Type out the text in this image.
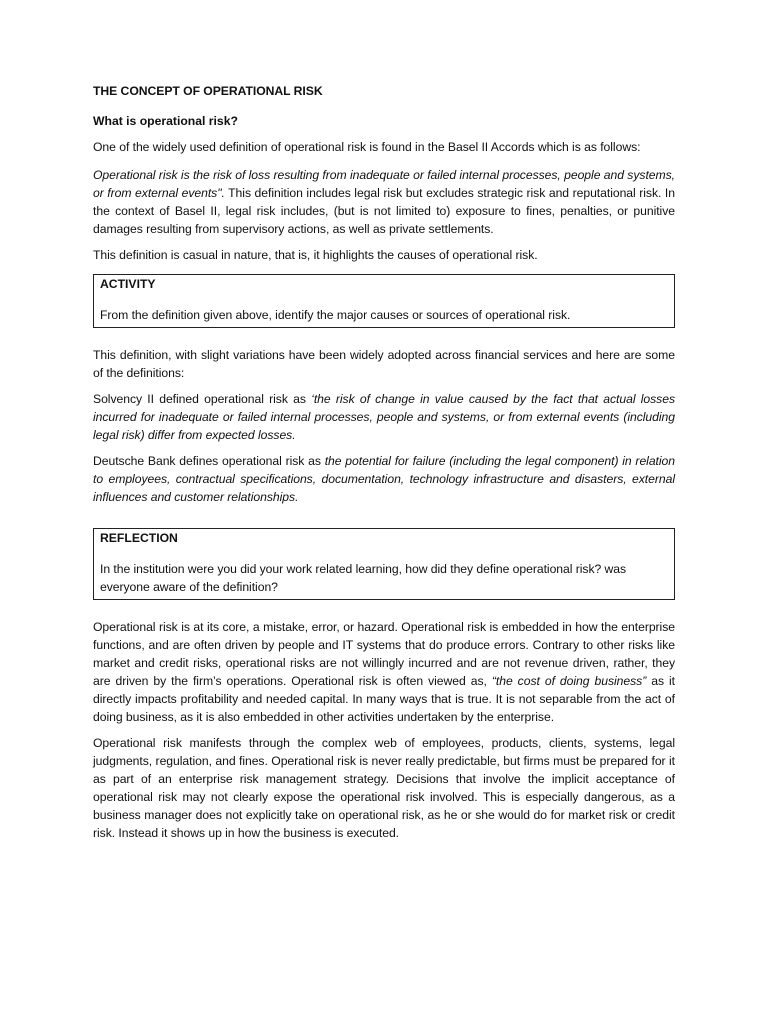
THE CONCEPT OF OPERATIONAL RISK
What is operational risk?

One of the widely used definition of operational risk is found in the Basel II Accords which is as follows:

Operational risk is the risk of loss resulting from inadequate or failed internal processes, people and systems, or from external events". This definition includes legal risk but excludes strategic risk and reputational risk. In the context of Basel II, legal risk includes, (but is not limited to) exposure to fines, penalties, or punitive damages resulting from supervisory actions, as well as private settlements.

This definition is casual in nature, that is, it highlights the causes of operational risk.

ACTIVITY

From the definition given above, identify the major causes or sources of operational risk.

This definition, with slight variations have been widely adopted across financial services and here are some of the definitions:

Solvency II defined operational risk as ‘the risk of change in value caused by the fact that actual losses incurred for inadequate or failed internal processes, people and systems, or from external events (including legal risk) differ from expected losses.

Deutsche Bank defines operational risk as the potential for failure (including the legal component) in relation to employees, contractual specifications, documentation, technology infrastructure and disasters, external influences and customer relationships.

REFLECTION

In the institution were you did your work related learning, how did they define operational risk? was everyone aware of the definition?

Operational risk is at its core, a mistake, error, or hazard. Operational risk is embedded in how the enterprise functions, and are often driven by people and IT systems that do produce errors. Contrary to other risks like market and credit risks, operational risks are not willingly incurred and are not revenue driven, rather, they are driven by the firm’s operations. Operational risk is often viewed as, “the cost of doing business” as it directly impacts profitability and needed capital. In many ways that is true. It is not separable from the act of doing business, as it is also embedded in other activities undertaken by the enterprise.

Operational risk manifests through the complex web of employees, products, clients, systems, legal judgments, regulation, and fines. Operational risk is never really predictable, but firms must be prepared for it as part of an enterprise risk management strategy. Decisions that involve the implicit acceptance of operational risk may not clearly expose the operational risk involved. This is especially dangerous, as a business manager does not explicitly take on operational risk, as he or she would do for market risk or credit risk. Instead it shows up in how the business is executed.
